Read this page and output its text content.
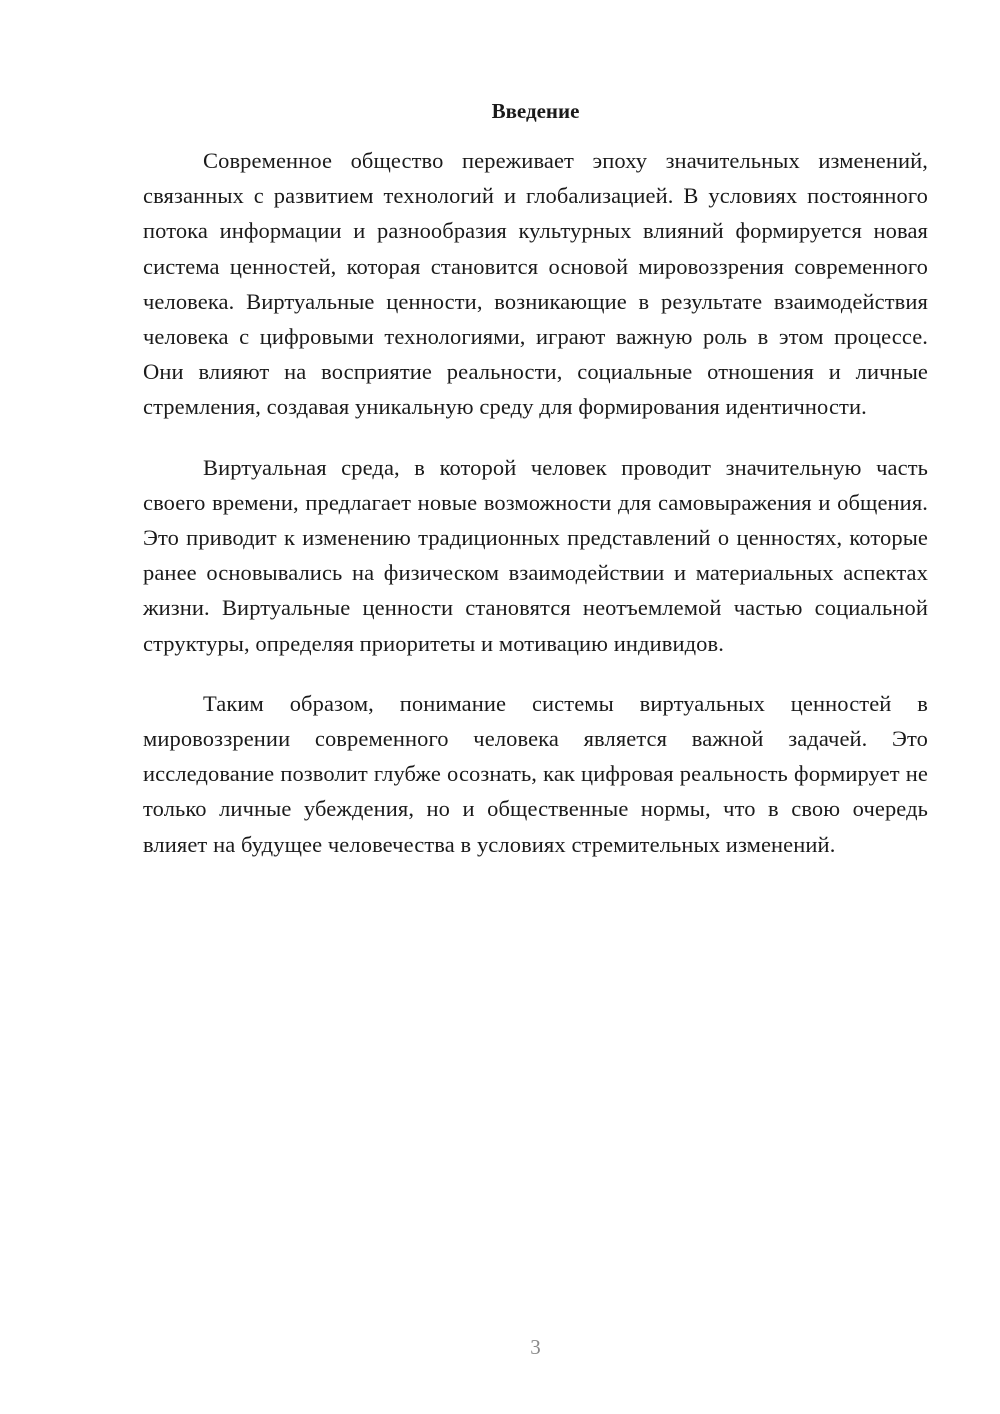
Введение

Современное общество переживает эпоху значительных изменений, связанных с развитием технологий и глобализацией. В условиях постоянного потока информации и разнообразия культурных влияний формируется новая система ценностей, которая становится основой мировоззрения современного человека. Виртуальные ценности, возникающие в результате взаимодействия человека с цифровыми технологиями, играют важную роль в этом процессе. Они влияют на восприятие реальности, социальные отношения и личные стремления, создавая уникальную среду для формирования идентичности.

Виртуальная среда, в которой человек проводит значительную часть своего времени, предлагает новые возможности для самовыражения и общения. Это приводит к изменению традиционных представлений о ценностях, которые ранее основывались на физическом взаимодействии и материальных аспектах жизни. Виртуальные ценности становятся неотъемлемой частью социальной структуры, определяя приоритеты и мотивацию индивидов.

Таким образом, понимание системы виртуальных ценностей в мировоззрении современного человека является важной задачей. Это исследование позволит глубже осознать, как цифровая реальность формирует не только личные убеждения, но и общественные нормы, что в свою очередь влияет на будущее человечества в условиях стремительных изменений.

3
